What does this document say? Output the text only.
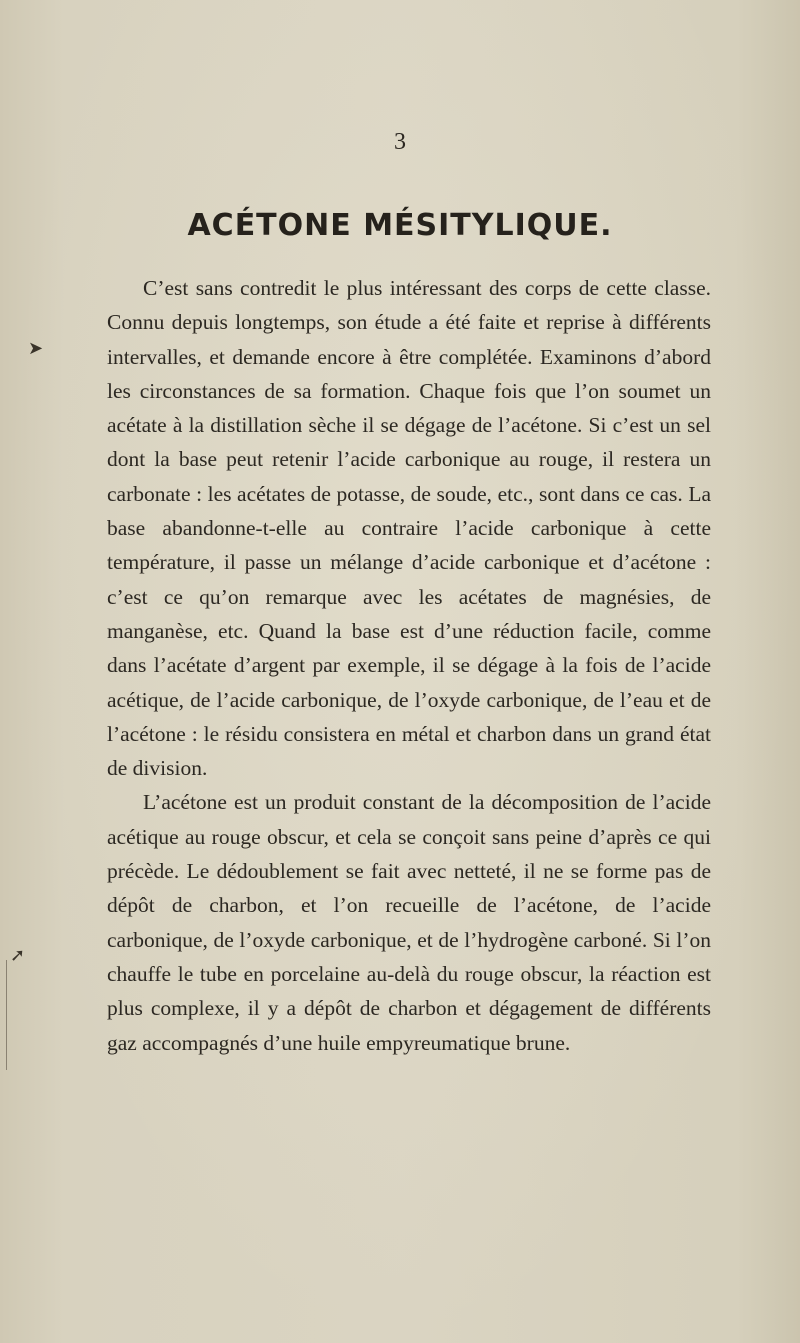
3
ACÉTONE MÉSITYLIQUE.

C’est sans contredit le plus intéressant des corps de cette classe. Connu depuis longtemps, son étude a été faite et reprise à différents intervalles, et demande encore à être complétée. Examinons d’abord les circonstances de sa formation. Chaque fois que l’on soumet un acétate à la distillation sèche il se dégage de l’acétone. Si c’est un sel dont la base peut retenir l’acide carbonique au rouge, il restera un carbonate : les acétates de potasse, de soude, etc., sont dans ce cas. La base abandonne-t-elle au contraire l’acide carbonique à cette température, il passe un mélange d’acide carbonique et d’acétone : c’est ce qu’on remarque avec les acétates de magnésies, de manganèse, etc. Quand la base est d’une réduction facile, comme dans l’acétate d’argent par exemple, il se dégage à la fois de l’acide acétique, de l’acide carbonique, de l’oxyde carbonique, de l’eau et de l’acétone : le résidu consistera en métal et charbon dans un grand état de division.

L’acétone est un produit constant de la décomposition de l’acide acétique au rouge obscur, et cela se conçoit sans peine d’après ce qui précède. Le dédoublement se fait avec netteté, il ne se forme pas de dépôt de charbon, et l’on recueille de l’acétone, de l’acide carbonique, de l’oxyde carbonique, et de l’hydrogène carboné. Si l’on chauffe le tube en porcelaine au-delà du rouge obscur, la réaction est plus complexe, il y a dépôt de charbon et dégagement de différents gaz accompagnés d’une huile empyreumatique brune.

➤
➚
